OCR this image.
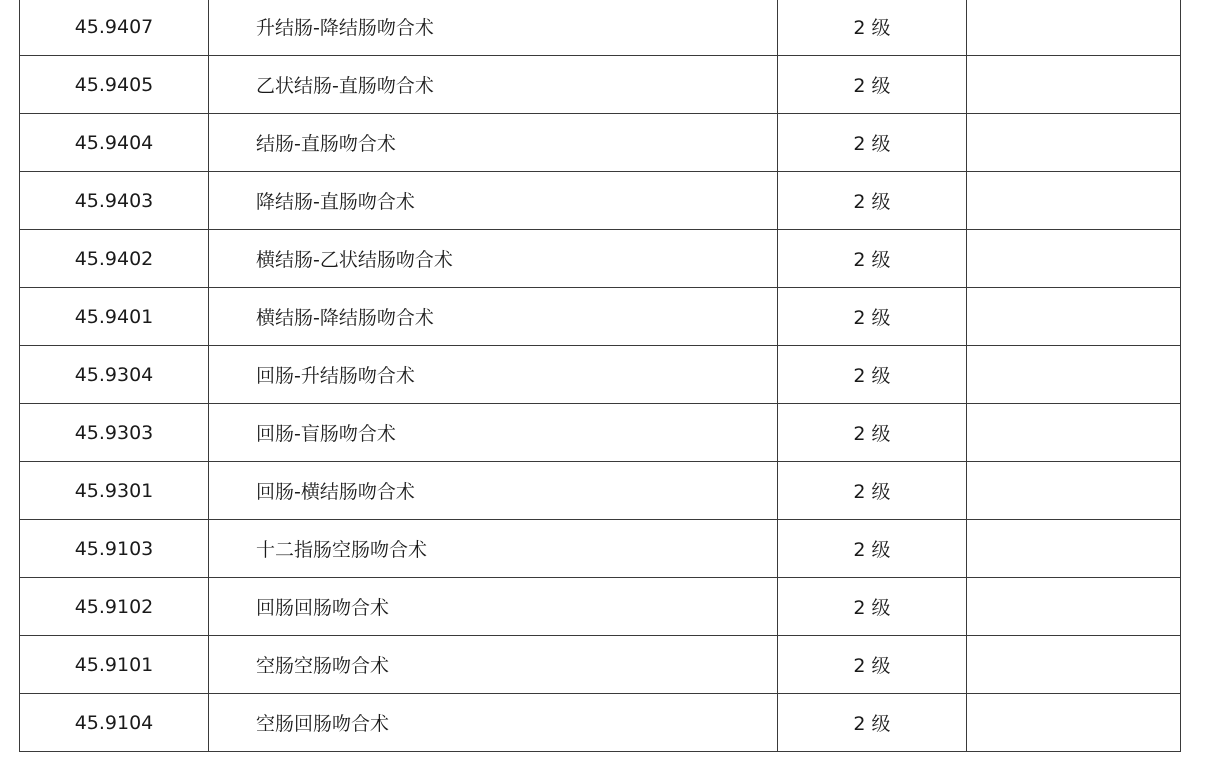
45.9407	升结肠-降结肠吻合术	2 级	
45.9405	乙状结肠-直肠吻合术	2 级	
45.9404	结肠-直肠吻合术	2 级	
45.9403	降结肠-直肠吻合术	2 级	
45.9402	横结肠-乙状结肠吻合术	2 级	
45.9401	横结肠-降结肠吻合术	2 级	
45.9304	回肠-升结肠吻合术	2 级	
45.9303	回肠-盲肠吻合术	2 级	
45.9301	回肠-横结肠吻合术	2 级	
45.9103	十二指肠空肠吻合术	2 级	
45.9102	回肠回肠吻合术	2 级	
45.9101	空肠空肠吻合术	2 级	
45.9104	空肠回肠吻合术	2 级	
